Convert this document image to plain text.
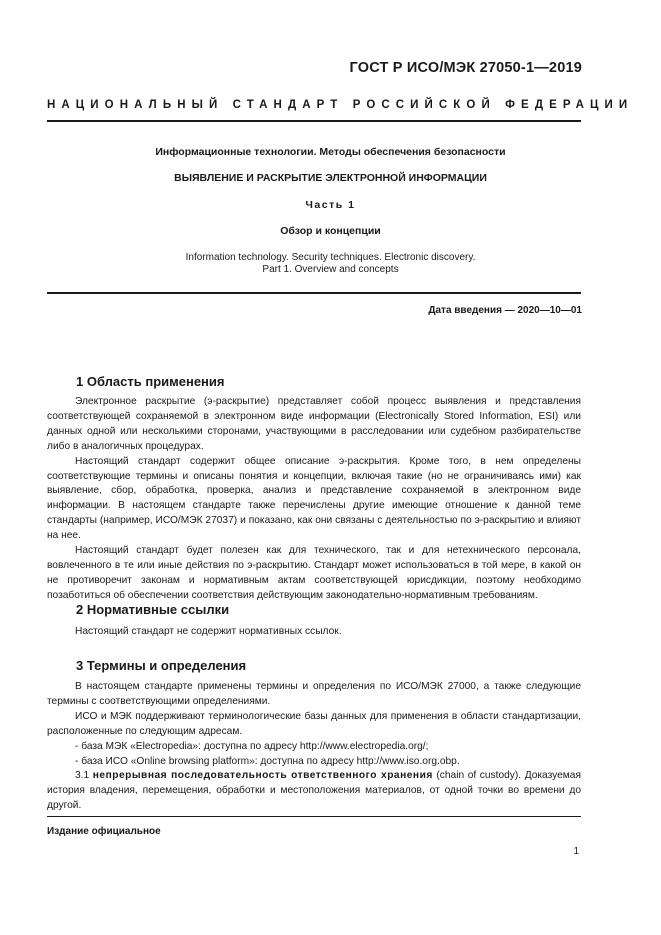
ГОСТ Р ИСО/МЭК 27050-1—2019
НАЦИОНАЛЬНЫЙ СТАНДАРТ РОССИЙСКОЙ ФЕДЕРАЦИИ
Информационные технологии. Методы обеспечения безопасности
ВЫЯВЛЕНИЕ И РАСКРЫТИЕ ЭЛЕКТРОННОЙ ИНФОРМАЦИИ
Часть 1
Обзор и концепции
Information technology. Security techniques. Electronic discovery.
Part 1. Overview and concepts
Дата введения — 2020—10—01
1 Область применения

Электронное раскрытие (э-раскрытие) представляет собой процесс выявления и представления соответствующей сохраняемой в электронном виде информации (Electronically Stored Information, ESI) или данных одной или несколькими сторонами, участвующими в расследовании или судебном разбирательстве либо в аналогичных процедурах.

Настоящий стандарт содержит общее описание э-раскрытия. Кроме того, в нем определены соответствующие термины и описаны понятия и концепции, включая такие (но не ограничиваясь ими) как выявление, сбор, обработка, проверка, анализ и представление сохраняемой в электронном виде информации. В настоящем стандарте также перечислены другие имеющие отношение к данной теме стандарты (например, ИСО/МЭК 27037) и показано, как они связаны с деятельностью по э-раскрытию и влияют на нее.

Настоящий стандарт будет полезен как для технического, так и для нетехнического персонала, вовлеченного в те или иные действия по э-раскрытию. Стандарт может использоваться в той мере, в какой он не противоречит законам и нормативным актам соответствующей юрисдикции, поэтому необходимо позаботиться об обеспечении соответствия действующим законодательно-нормативным требованиям.

2 Нормативные ссылки

Настоящий стандарт не содержит нормативных ссылок.

3 Термины и определения

В настоящем стандарте применены термины и определения по ИСО/МЭК 27000, а также следующие термины с соответствующими определениями.

ИСО и МЭК поддерживают терминологические базы данных для применения в области стандартизации, расположенные по следующим адресам.

- база МЭК «Electropedia»: доступна по адресу http://www.electropedia.org/;

- база ИСО «Online browsing platform»: доступна по адресу http://www.iso.org.obp.

3.1 непрерывная последовательность ответственного хранения (chain of custody). Доказуемая история владения, перемещения, обработки и местоположения материалов, от одной точки во времени до другой.

Издание официальное
1
